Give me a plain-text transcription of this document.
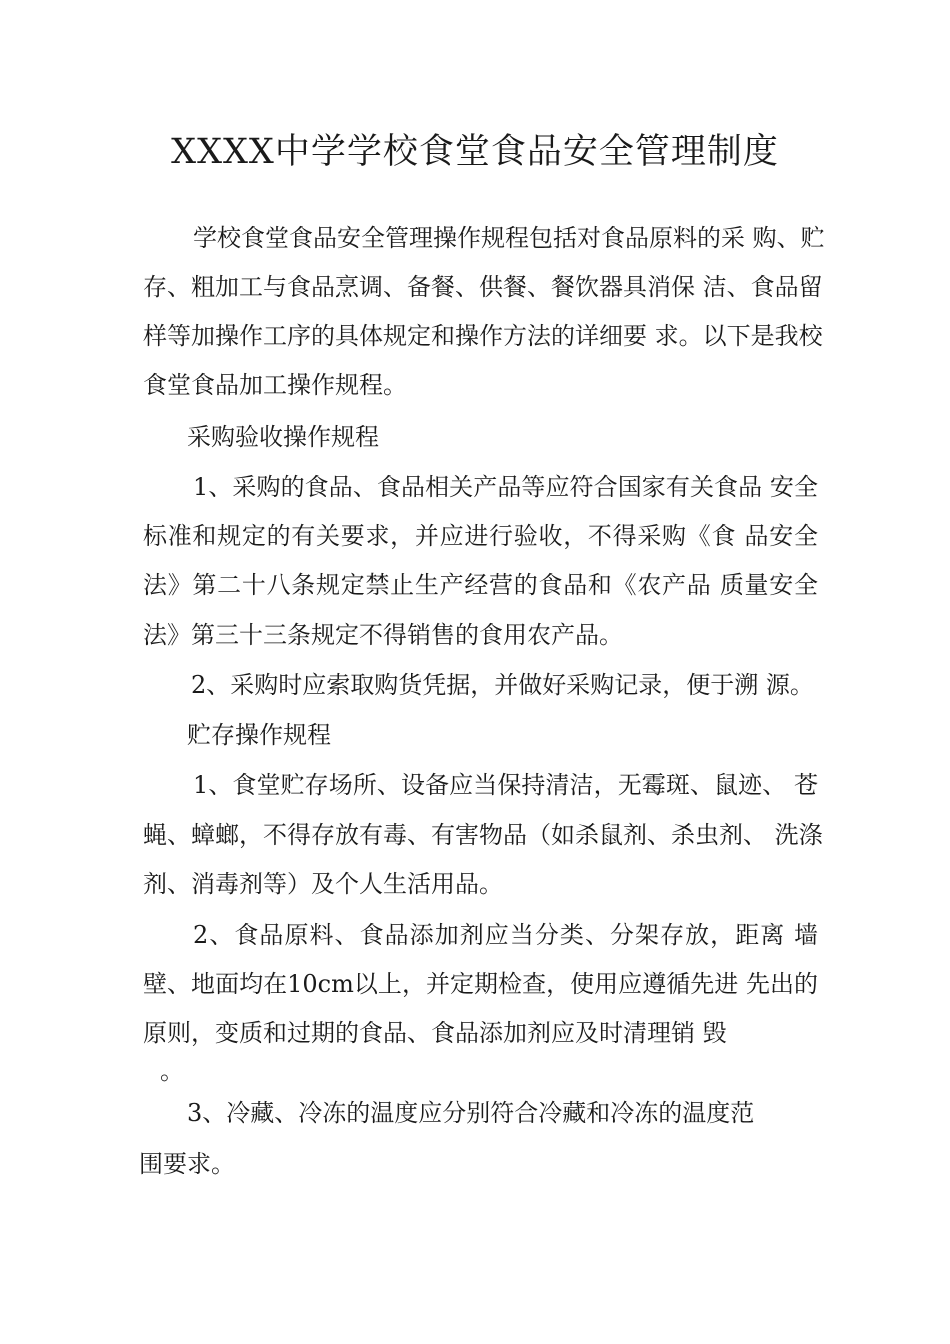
XXXX中学学校食堂食品安全管理制度
学校食堂食品安全管理操作规程包括对食品原料的采 购、贮
存、粗加工与食品烹调、备餐、供餐、餐饮器具消保 洁、食品留
样等加操作工序的具体规定和操作方法的详细要 求。以下是我校
食堂食品加工操作规程。
采购验收操作规程
1、采购的食品、食品相关产品等应符合国家有关食品 安全
标准和规定的有关要求，并应进行验收，不得采购《食 品安全
法》第二十八条规定禁止生产经营的食品和《农产品 质量安全
法》第三十三条规定不得销售的食用农产品。
2、采购时应索取购货凭据，并做好采购记录，便于溯 源。
贮存操作规程
1、食堂贮存场所、设备应当保持清洁，无霉斑、鼠迹、 苍
蝇、蟑螂，不得存放有毒、有害物品（如杀鼠剂、杀虫剂、 洗涤
剂、消毒剂等）及个人生活用品。
2、食品原料、食品添加剂应当分类、分架存放，距离 墙
壁、地面均在10cm以上，并定期检查，使用应遵循先进 先出的
原则，变质和过期的食品、食品添加剂应及时清理销 毁
。
3、冷藏、冷冻的温度应分别符合冷藏和冷冻的温度范
围要求。
